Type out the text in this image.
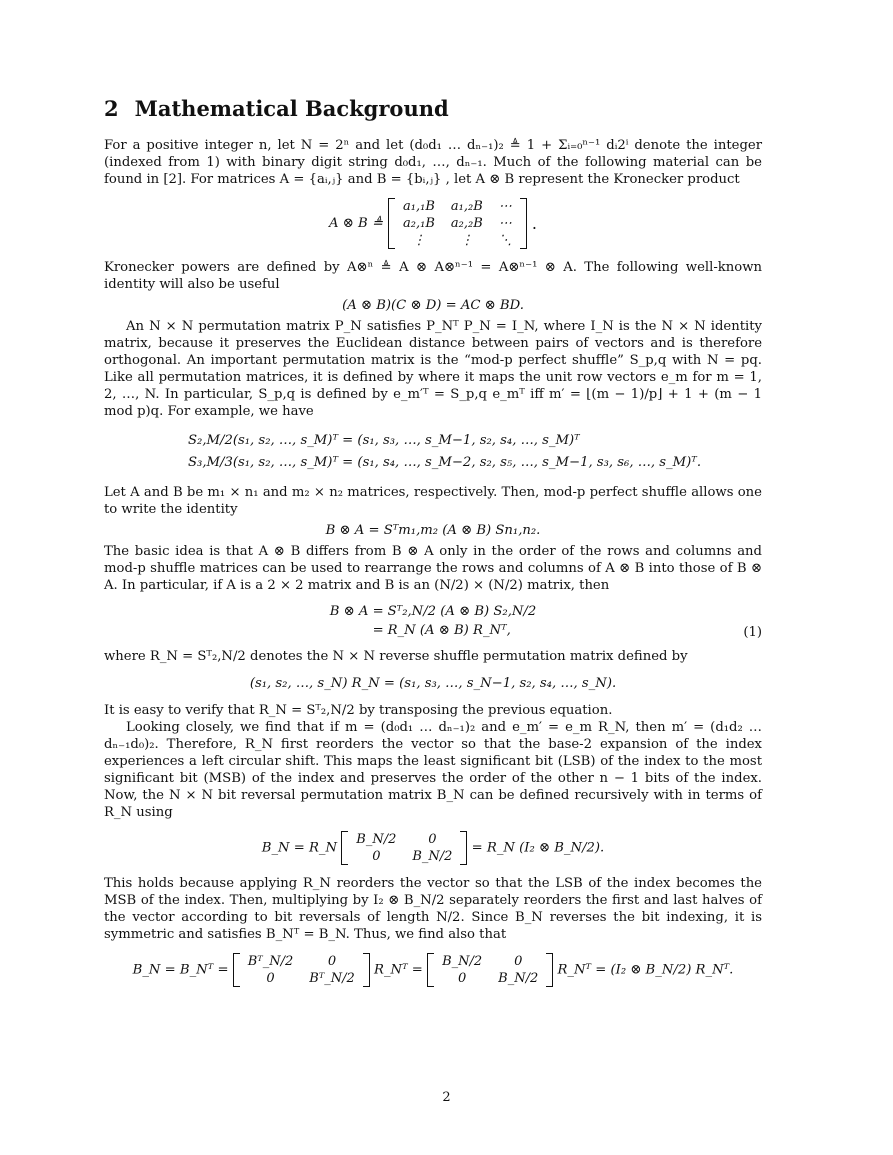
2 Mathematical Background

For a positive integer n, let N = 2ⁿ and let (d₀d₁ … dₙ₋₁)₂ ≜ 1 + Σᵢ₌₀ⁿ⁻¹ dᵢ2ⁱ denote the integer (indexed from 1) with binary digit string d₀d₁, …, dₙ₋₁. Much of the following material can be found in [2]. For matrices A = {aᵢ,ⱼ} and B = {bᵢ,ⱼ} , let A ⊗ B represent the Kronecker product

A ⊗ B ≜
a₁,₁B	a₁,₂B	⋯
a₂,₁B	a₂,₂B	⋯
⋮	⋮	⋱
.

Kronecker powers are defined by A⊗ⁿ ≜ A ⊗ A⊗ⁿ⁻¹ = A⊗ⁿ⁻¹ ⊗ A. The following well-known identity will also be useful

(A ⊗ B)(C ⊗ D) = AC ⊗ BD.

An N × N permutation matrix P_N satisfies P_Nᵀ P_N = I_N, where I_N is the N × N identity matrix, because it preserves the Euclidean distance between pairs of vectors and is therefore orthogonal. An important permutation matrix is the “mod-p perfect shuffle” S_p,q with N = pq. Like all permutation matrices, it is defined by where it maps the unit row vectors e_m for m = 1, 2, …, N. In particular, S_p,q is defined by e_m′ᵀ = S_p,q e_mᵀ iff m′ = ⌊(m − 1)/p⌋ + 1 + (m − 1 mod p)q. For example, we have

S₂,M/2(s₁, s₂, …, s_M)ᵀ = (s₁, s₃, …, s_M−1, s₂, s₄, …, s_M)ᵀ
S₃,M/3(s₁, s₂, …, s_M)ᵀ = (s₁, s₄, …, s_M−2, s₂, s₅, …, s_M−1, s₃, s₆, …, s_M)ᵀ.

Let A and B be m₁ × n₁ and m₂ × n₂ matrices, respectively. Then, mod-p perfect shuffle allows one to write the identity

B ⊗ A = Sᵀm₁,m₂ (A ⊗ B) Sn₁,n₂.

The basic idea is that A ⊗ B differs from B ⊗ A only in the order of the rows and columns and mod-p shuffle matrices can be used to rearrange the rows and columns of A ⊗ B into those of B ⊗ A. In particular, if A is a 2 × 2 matrix and B is an (N/2) × (N/2) matrix, then

B ⊗ A = Sᵀ₂,N/2 (A ⊗ B) S₂,N/2
= R_N (A ⊗ B) R_Nᵀ,	(1)

where R_N = Sᵀ₂,N/2 denotes the N × N reverse shuffle permutation matrix defined by

(s₁, s₂, …, s_N) R_N = (s₁, s₃, …, s_N−1, s₂, s₄, …, s_N).

It is easy to verify that R_N = Sᵀ₂,N/2 by transposing the previous equation.

Looking closely, we find that if m = (d₀d₁ … dₙ₋₁)₂ and e_m′ = e_m R_N, then m′ = (d₁d₂ … dₙ₋₁d₀)₂. Therefore, R_N first reorders the vector so that the base-2 expansion of the index experiences a left circular shift. This maps the least significant bit (LSB) of the index to the most significant bit (MSB) of the index and preserves the order of the other n − 1 bits of the index. Now, the N × N bit reversal permutation matrix B_N can be defined recursively with in terms of R_N using

B_N = R_N
B_N/2	0
0	B_N/2
= R_N (I₂ ⊗ B_N/2).

This holds because applying R_N reorders the vector so that the LSB of the index becomes the MSB of the index. Then, multiplying by I₂ ⊗ B_N/2 separately reorders the first and last halves of the vector according to bit reversals of length N/2. Since B_N reverses the bit indexing, it is symmetric and satisfies B_Nᵀ = B_N. Thus, we find also that

B_N = B_Nᵀ =
Bᵀ_N/2	0
0	Bᵀ_N/2
R_Nᵀ =
B_N/2	0
0	B_N/2
R_Nᵀ = (I₂ ⊗ B_N/2) R_Nᵀ.
2
